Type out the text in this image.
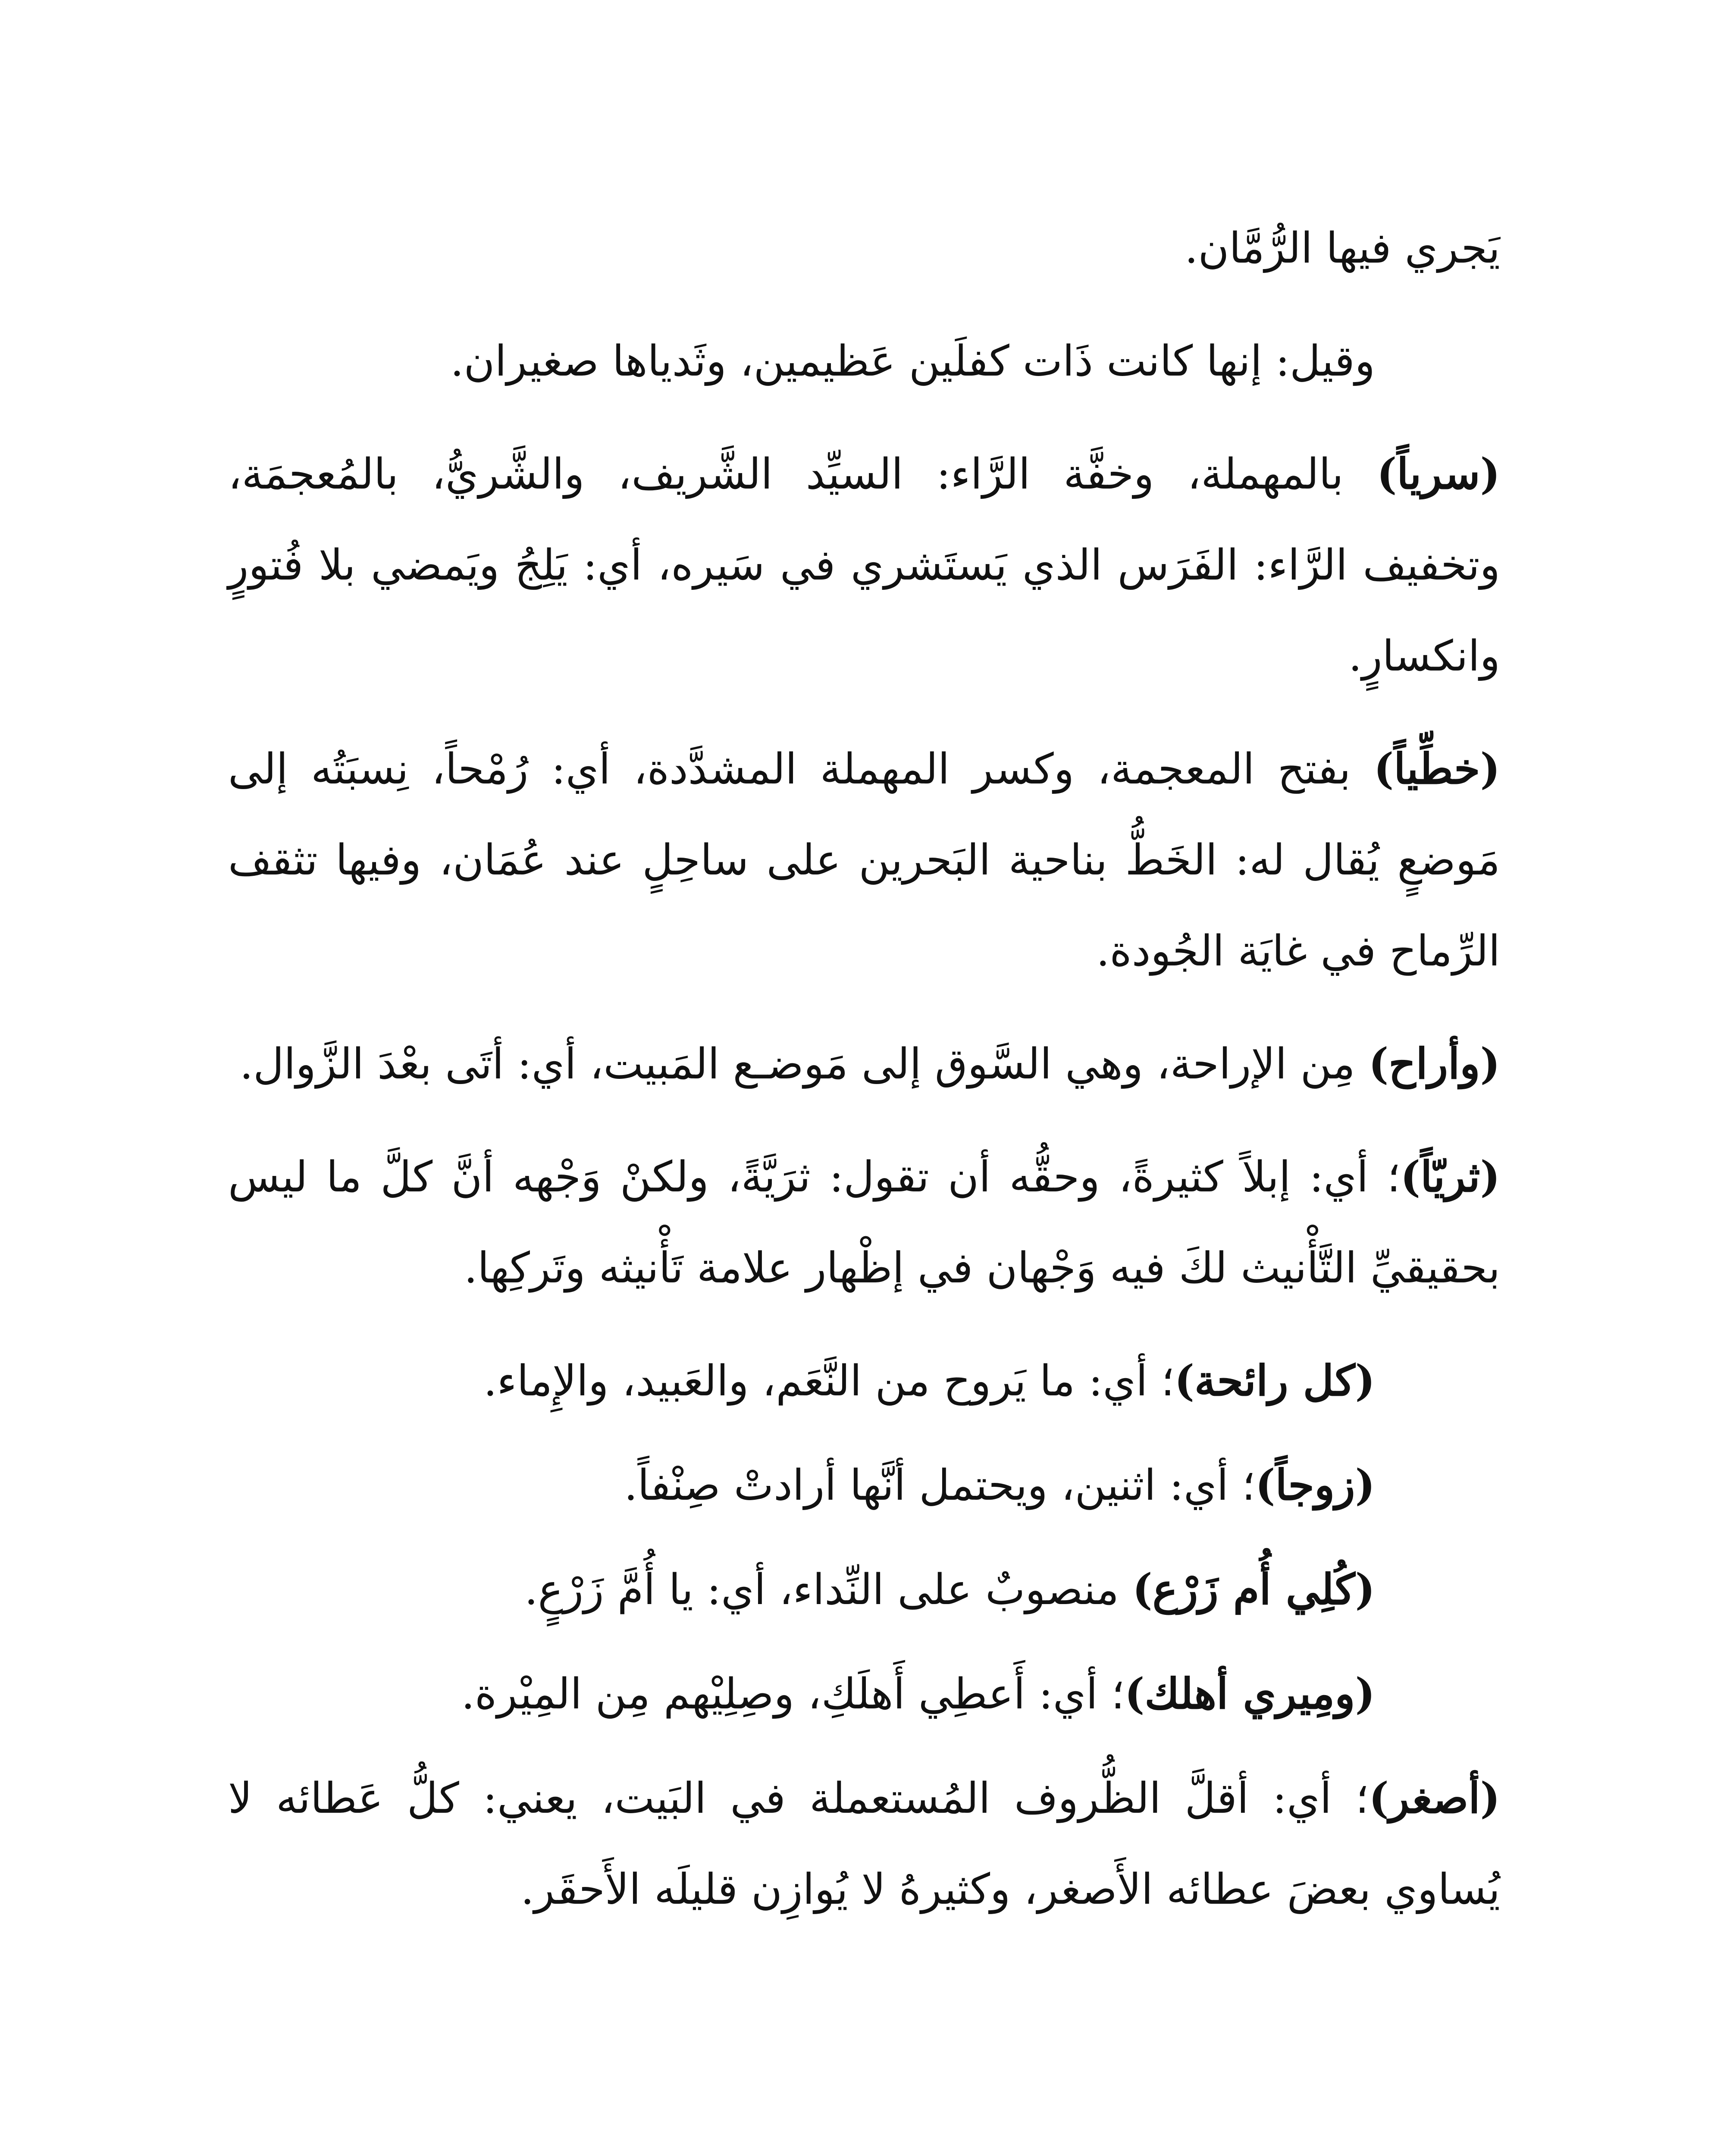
يَجري فيها الرُّمَّان.

وقيل: إنها كانت ذَات كفلَين عَظيمين، وثَدياها صغيران.

(سرياً) بالمهملة، وخفَّة الرَّاء: السيِّد الشَّريف، والشَّريُّ، بالمُعجمَة، وتخفيف الرَّاء: الفَرَس الذي يَستَشري في سَيره، أي: يَلِجُ ويَمضي بلا فُتورٍ وانكسارٍ.

(خطِّياً) بفتح المعجمة، وكسر المهملة المشدَّدة، أي: رُمْحاً، نِسبَتُه إلى مَوضعٍ يُقال له: الخَطُّ بناحية البَحرين على ساحِلٍ عند عُمَان، وفيها تثقف الرِّماح في غايَة الجُودة.

(وأراح) مِن الإراحة، وهي السَّوق إلى مَوضـع المَبيت، أي: أتَى بعْدَ الزَّوال.

(ثريّاً)؛ أي: إبلاً كثيرةً، وحقُّه أن تقول: ثرَيَّةً، ولكنْ وَجْهه أنَّ كلَّ ما ليس بحقيقيِّ التَّأْنيث لكَ فيه وَجْهان في إظْهار علامة تَأْنيثه وتَركِها.

(كل رائحة)؛ أي: ما يَروح من النَّعَم، والعَبيد، والإِماء.

(زوجاً)؛ أي: اثنين، ويحتمل أنَّها أرادتْ صِنْفاً.

(كُلِي أُم زَرْع) منصوبٌ على النِّداء، أي: يا أُمَّ زَرْعٍ.

(ومِيري أهلك)؛ أي: أَعطِي أَهلَكِ، وصِلِيْهم مِن المِيْرة.

(أصغر)؛ أي: أقلَّ الظُّروف المُستعملة في البَيت، يعني: كلُّ عَطائه لا يُساوي بعضَ عطائه الأَصغر، وكثيرهُ لا يُوازِن قليلَه الأَحقَر.
